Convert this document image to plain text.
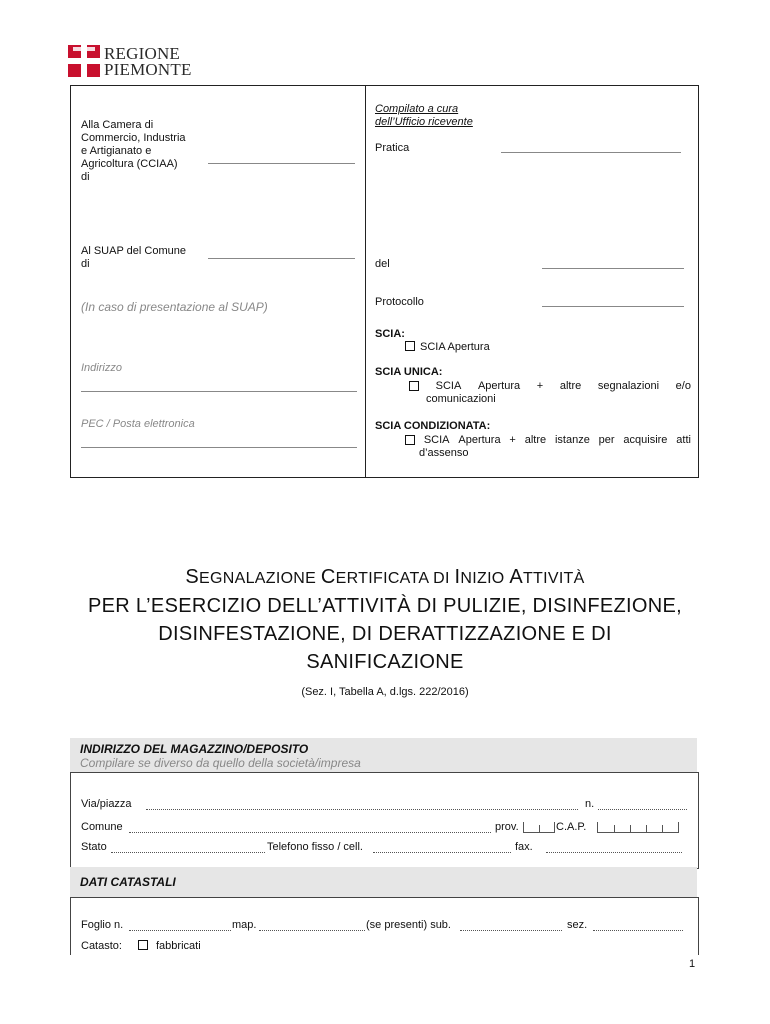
REGIONE
PIEMONTE
Alla Camera di
Commercio, Industria
e Artigianato e
Agricoltura (CCIAA)
di
Al SUAP del Comune
di
(In caso di presentazione al SUAP)
Indirizzo
PEC / Posta elettronica
Compilato a cura
dell’Ufficio ricevente
Pratica
del
Protocollo
SCIA:
SCIA Apertura
SCIA UNICA:
SCIA Apertura + altre segnalazioni e/o
comunicazioni
SCIA CONDIZIONATA:
SCIA Apertura + altre istanze per acquisire atti
d’assenso
SEGNALAZIONE CERTIFICATA DI INIZIO ATTIVITÀ
PER L’ESERCIZIO DELL’ATTIVITÀ DI PULIZIE, DISINFEZIONE,
DISINFESTAZIONE, DI DERATTIZZAZIONE E DI
SANIFICAZIONE
(Sez. I, Tabella A, d.lgs. 222/2016)
INDIRIZZO DEL MAGAZZINO/DEPOSITO
Compilare se diverso da quello della società/impresa
Via/piazza	n.
Comune	prov.	C.A.P.
Stato	Telefono fisso / cell.	fax.
DATI CATASTALI
Foglio n.	map.	(se presenti) sub.	sez.
Catasto:	fabbricati
1
